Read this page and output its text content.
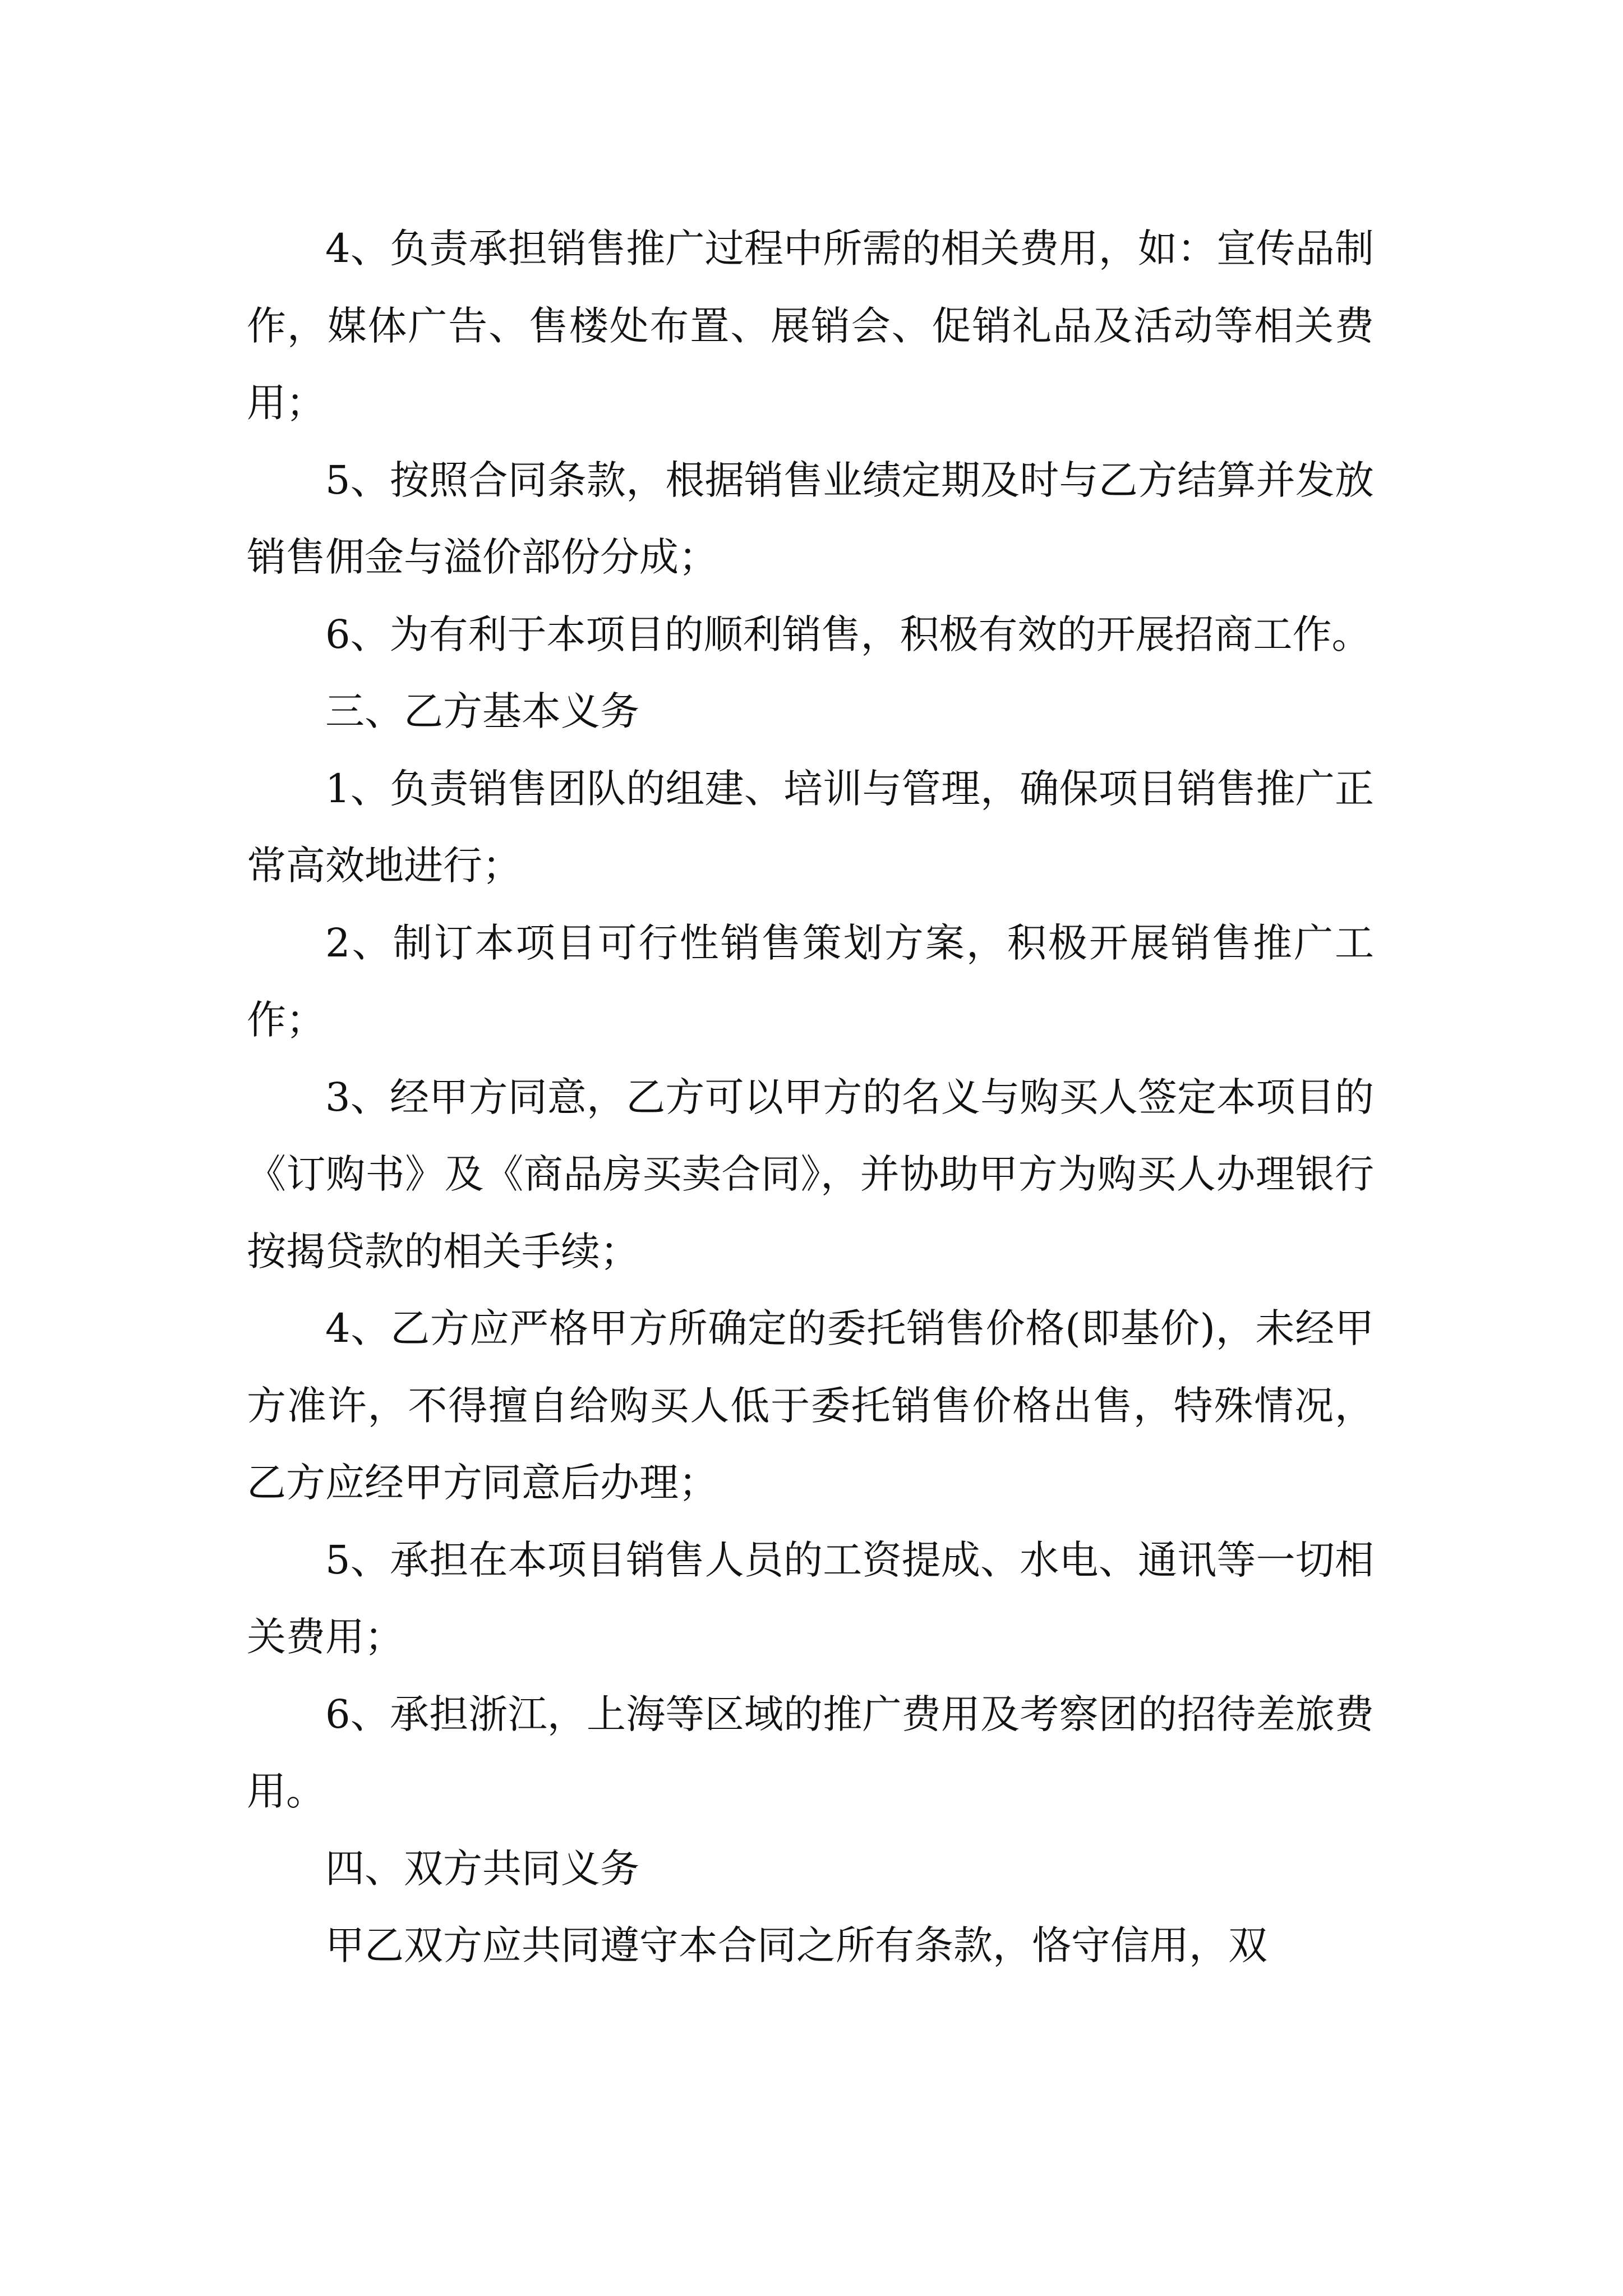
4、负责承担销售推广过程中所需的相关费用，如：宣传品制作，媒体广告、售楼处布置、展销会、促销礼品及活动等相关费用；

5、按照合同条款，根据销售业绩定期及时与乙方结算并发放销售佣金与溢价部份分成；

6、为有利于本项目的顺利销售，积极有效的开展招商工作。

三、乙方基本义务

1、负责销售团队的组建、培训与管理，确保项目销售推广正常高效地进行；

2、制订本项目可行性销售策划方案，积极开展销售推广工作；

3、经甲方同意，乙方可以甲方的名义与购买人签定本项目的《订购书》及《商品房买卖合同》，并协助甲方为购买人办理银行按揭贷款的相关手续；

4、乙方应严格甲方所确定的委托销售价格(即基价)，未经甲方准许，不得擅自给购买人低于委托销售价格出售，特殊情况，乙方应经甲方同意后办理；

5、承担在本项目销售人员的工资提成、水电、通讯等一切相关费用；

6、承担浙江，上海等区域的推广费用及考察团的招待差旅费用。

四、双方共同义务

甲乙双方应共同遵守本合同之所有条款，恪守信用，双
